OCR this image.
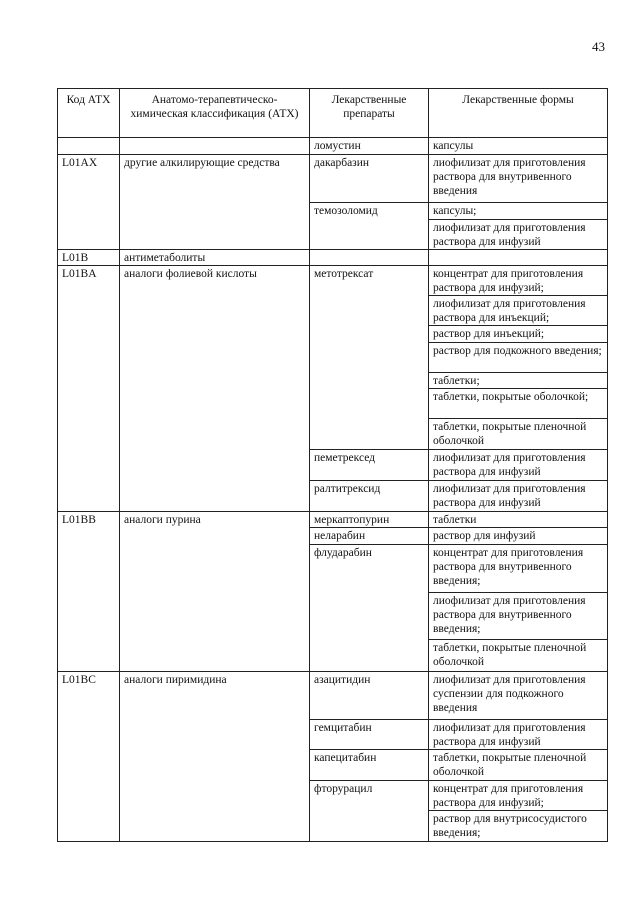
43
Код АТХ	Анатомо-терапевтическо-химическая классификация (АТХ)	Лекарственные препараты	Лекарственные формы
		ломустин	капсулы
L01AX	другие алкилирующие средства	дакарбазин	лиофилизат для приготовления раствора для внутривенного введения
		темозоломид	капсулы;
			лиофилизат для приготовления раствора для инфузий
L01B	антиметаболиты		
L01BA	аналоги фолиевой кислоты	метотрексат	концентрат для приготовления раствора для инфузий;
			лиофилизат для приготовления раствора для инъекций;
			раствор для инъекций;
			раствор для подкожного введения;
			таблетки;
			таблетки, покрытые оболочкой;
			таблетки, покрытые пленочной оболочкой
		пеметрексед	лиофилизат для приготовления раствора для инфузий
		ралтитрексид	лиофилизат для приготовления раствора для инфузий
L01BB	аналоги пурина	меркаптопурин	таблетки
		неларабин	раствор для инфузий
		флударабин	концентрат для приготовления раствора для внутривенного введения;
			лиофилизат для приготовления раствора для внутривенного введения;
			таблетки, покрытые пленочной оболочкой
L01BC	аналоги пиримидина	азацитидин	лиофилизат для приготовления суспензии для подкожного введения
		гемцитабин	лиофилизат для приготовления раствора для инфузий
		капецитабин	таблетки, покрытые пленочной оболочкой
		фторурацил	концентрат для приготовления раствора для инфузий;
			раствор для внутрисосудистого введения;
